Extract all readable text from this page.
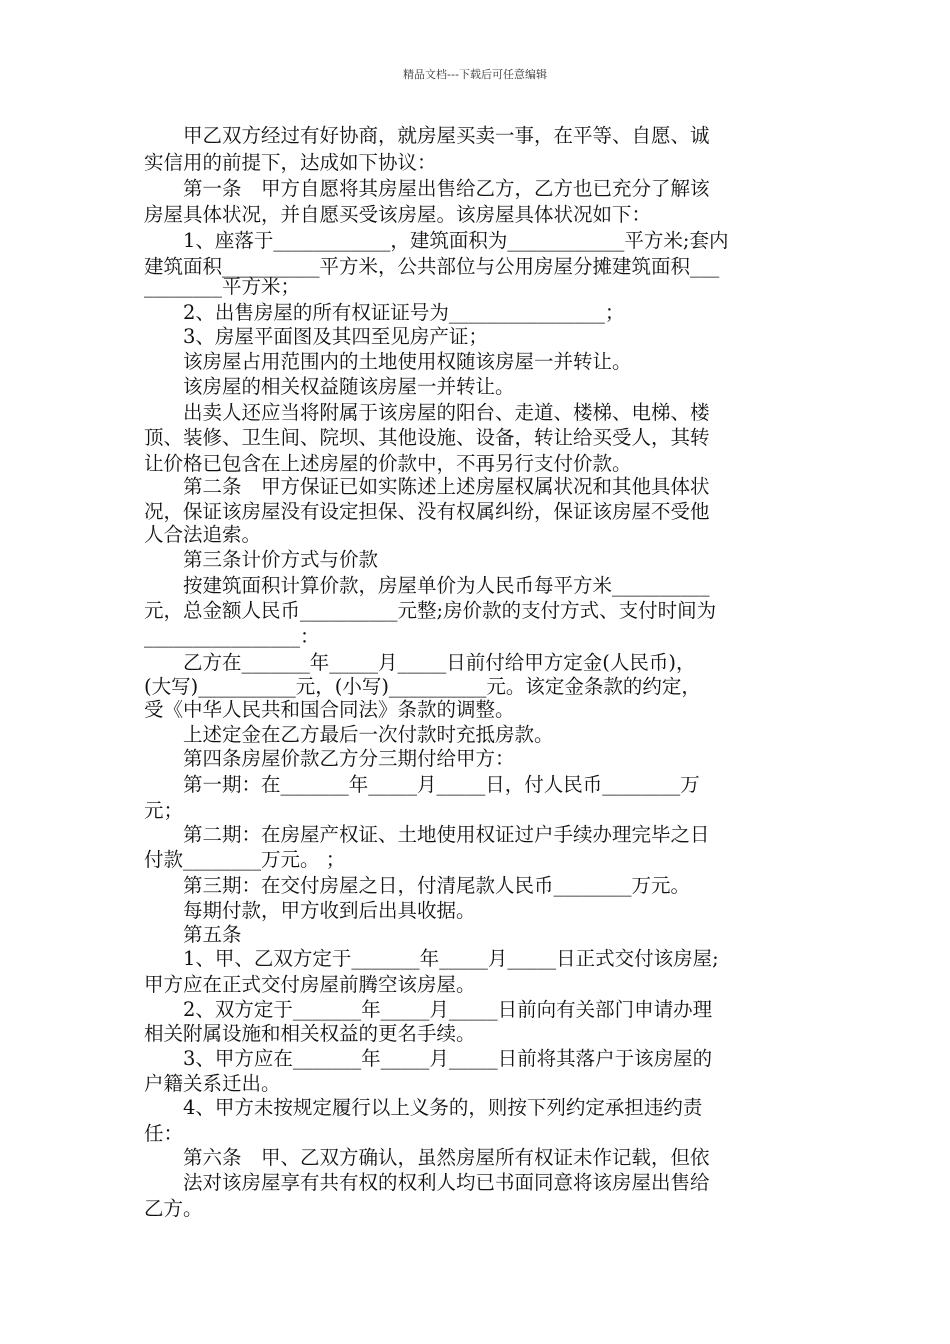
精品文档---下载后可任意编辑
　　甲乙双方经过有好协商，就房屋买卖一事，在平等、自愿、诚
实信用的前提下，达成如下协议：
　　第一条　甲方自愿将其房屋出售给乙方，乙方也已充分了解该
房屋具体状况，并自愿买受该房屋。该房屋具体状况如下：
　　1、座落于____________，建筑面积为____________平方米;套内
建筑面积__________平方米，公共部位与公用房屋分摊建筑面积___
________平方米；
　　2、出售房屋的所有权证证号为________________；
　　3、房屋平面图及其四至见房产证；
　　该房屋占用范围内的土地使用权随该房屋一并转让。
　　该房屋的相关权益随该房屋一并转让。
　　出卖人还应当将附属于该房屋的阳台、走道、楼梯、电梯、楼
顶、装修、卫生间、院坝、其他设施、设备，转让给买受人，其转
让价格已包含在上述房屋的价款中，不再另行支付价款。
　　第二条　甲方保证已如实陈述上述房屋权属状况和其他具体状
况，保证该房屋没有设定担保、没有权属纠纷，保证该房屋不受他
人合法追索。
　　第三条计价方式与价款
　　按建筑面积计算价款，房屋单价为人民币每平方米__________
元，总金额人民币__________元整;房价款的支付方式、支付时间为
________________：
　　乙方在_______年_____月_____日前付给甲方定金(人民币)，
(大写)__________元，(小写)__________元。该定金条款的约定，
受《中华人民共和国合同法》条款的调整。
　　上述定金在乙方最后一次付款时充抵房款。
　　第四条房屋价款乙方分三期付给甲方：
　　第一期：在_______年_____月_____日，付人民币________万
元；
　　第二期：在房屋产权证、土地使用权证过户手续办理完毕之日
付款________万元。 ；
　　第三期：在交付房屋之日，付清尾款人民币________万元。
　　每期付款，甲方收到后出具收据。
　　第五条
　　1、甲、乙双方定于_______年_____月_____日正式交付该房屋;
甲方应在正式交付房屋前腾空该房屋。
　　2、双方定于_______年_____月_____日前向有关部门申请办理
相关附属设施和相关权益的更名手续。
　　3、甲方应在_______年_____月_____日前将其落户于该房屋的
户籍关系迁出。
　　4、甲方未按规定履行以上义务的，则按下列约定承担违约责
任：
　　第六条　甲、乙双方确认，虽然房屋所有权证未作记载，但依
　　法对该房屋享有共有权的权利人均已书面同意将该房屋出售给
乙方。
